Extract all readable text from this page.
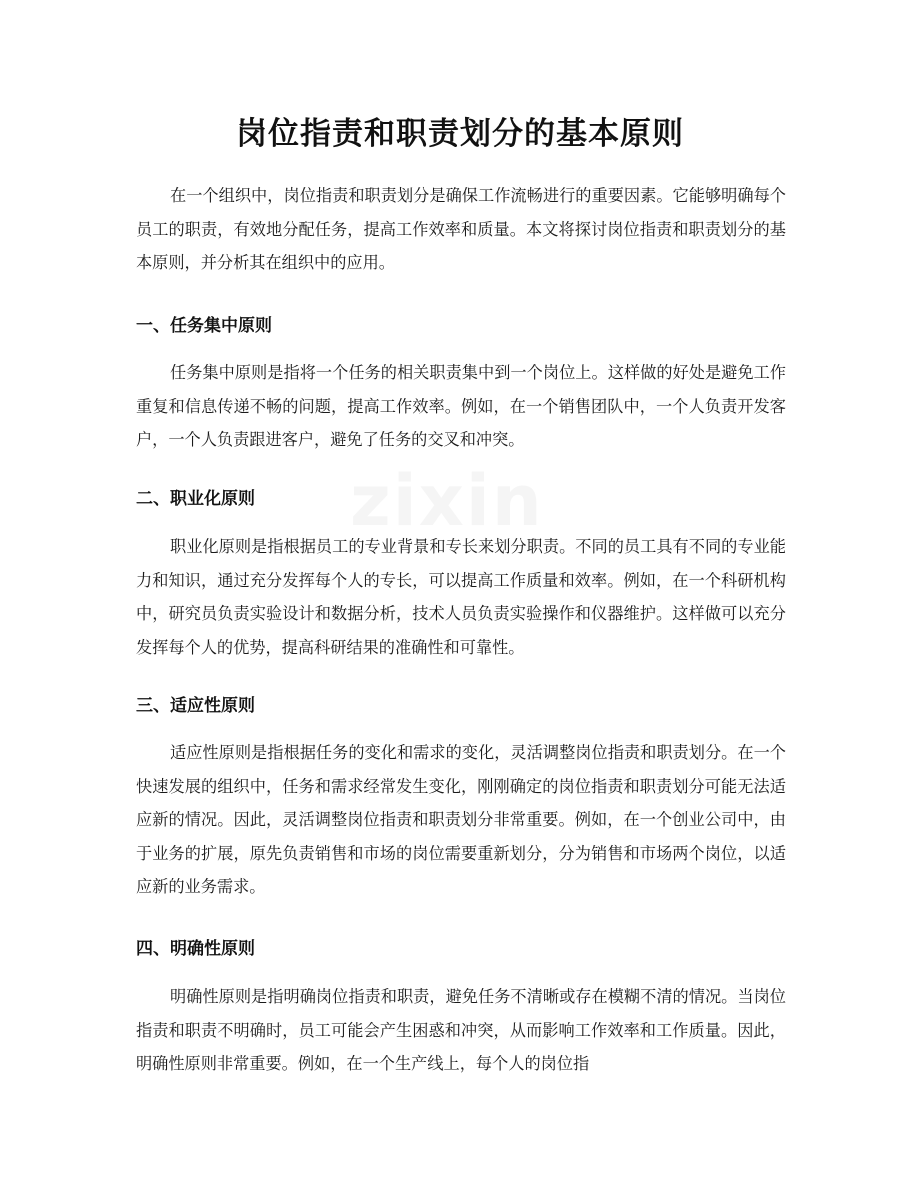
zixin
岗位指责和职责划分的基本原则

在一个组织中，岗位指责和职责划分是确保工作流畅进行的重要因素。它能够明确每个员工的职责，有效地分配任务，提高工作效率和质量。本文将探讨岗位指责和职责划分的基本原则，并分析其在组织中的应用。

一、任务集中原则

任务集中原则是指将一个任务的相关职责集中到一个岗位上。这样做的好处是避免工作重复和信息传递不畅的问题，提高工作效率。例如，在一个销售团队中，一个人负责开发客户，一个人负责跟进客户，避免了任务的交叉和冲突。

二、职业化原则

职业化原则是指根据员工的专业背景和专长来划分职责。不同的员工具有不同的专业能力和知识，通过充分发挥每个人的专长，可以提高工作质量和效率。例如，在一个科研机构中，研究员负责实验设计和数据分析，技术人员负责实验操作和仪器维护。这样做可以充分发挥每个人的优势，提高科研结果的准确性和可靠性。

三、适应性原则

适应性原则是指根据任务的变化和需求的变化，灵活调整岗位指责和职责划分。在一个快速发展的组织中，任务和需求经常发生变化，刚刚确定的岗位指责和职责划分可能无法适应新的情况。因此，灵活调整岗位指责和职责划分非常重要。例如，在一个创业公司中，由于业务的扩展，原先负责销售和市场的岗位需要重新划分，分为销售和市场两个岗位，以适应新的业务需求。

四、明确性原则

明确性原则是指明确岗位指责和职责，避免任务不清晰或存在模糊不清的情况。当岗位指责和职责不明确时，员工可能会产生困惑和冲突，从而影响工作效率和工作质量。因此，明确性原则非常重要。例如，在一个生产线上，每个人的岗位指
